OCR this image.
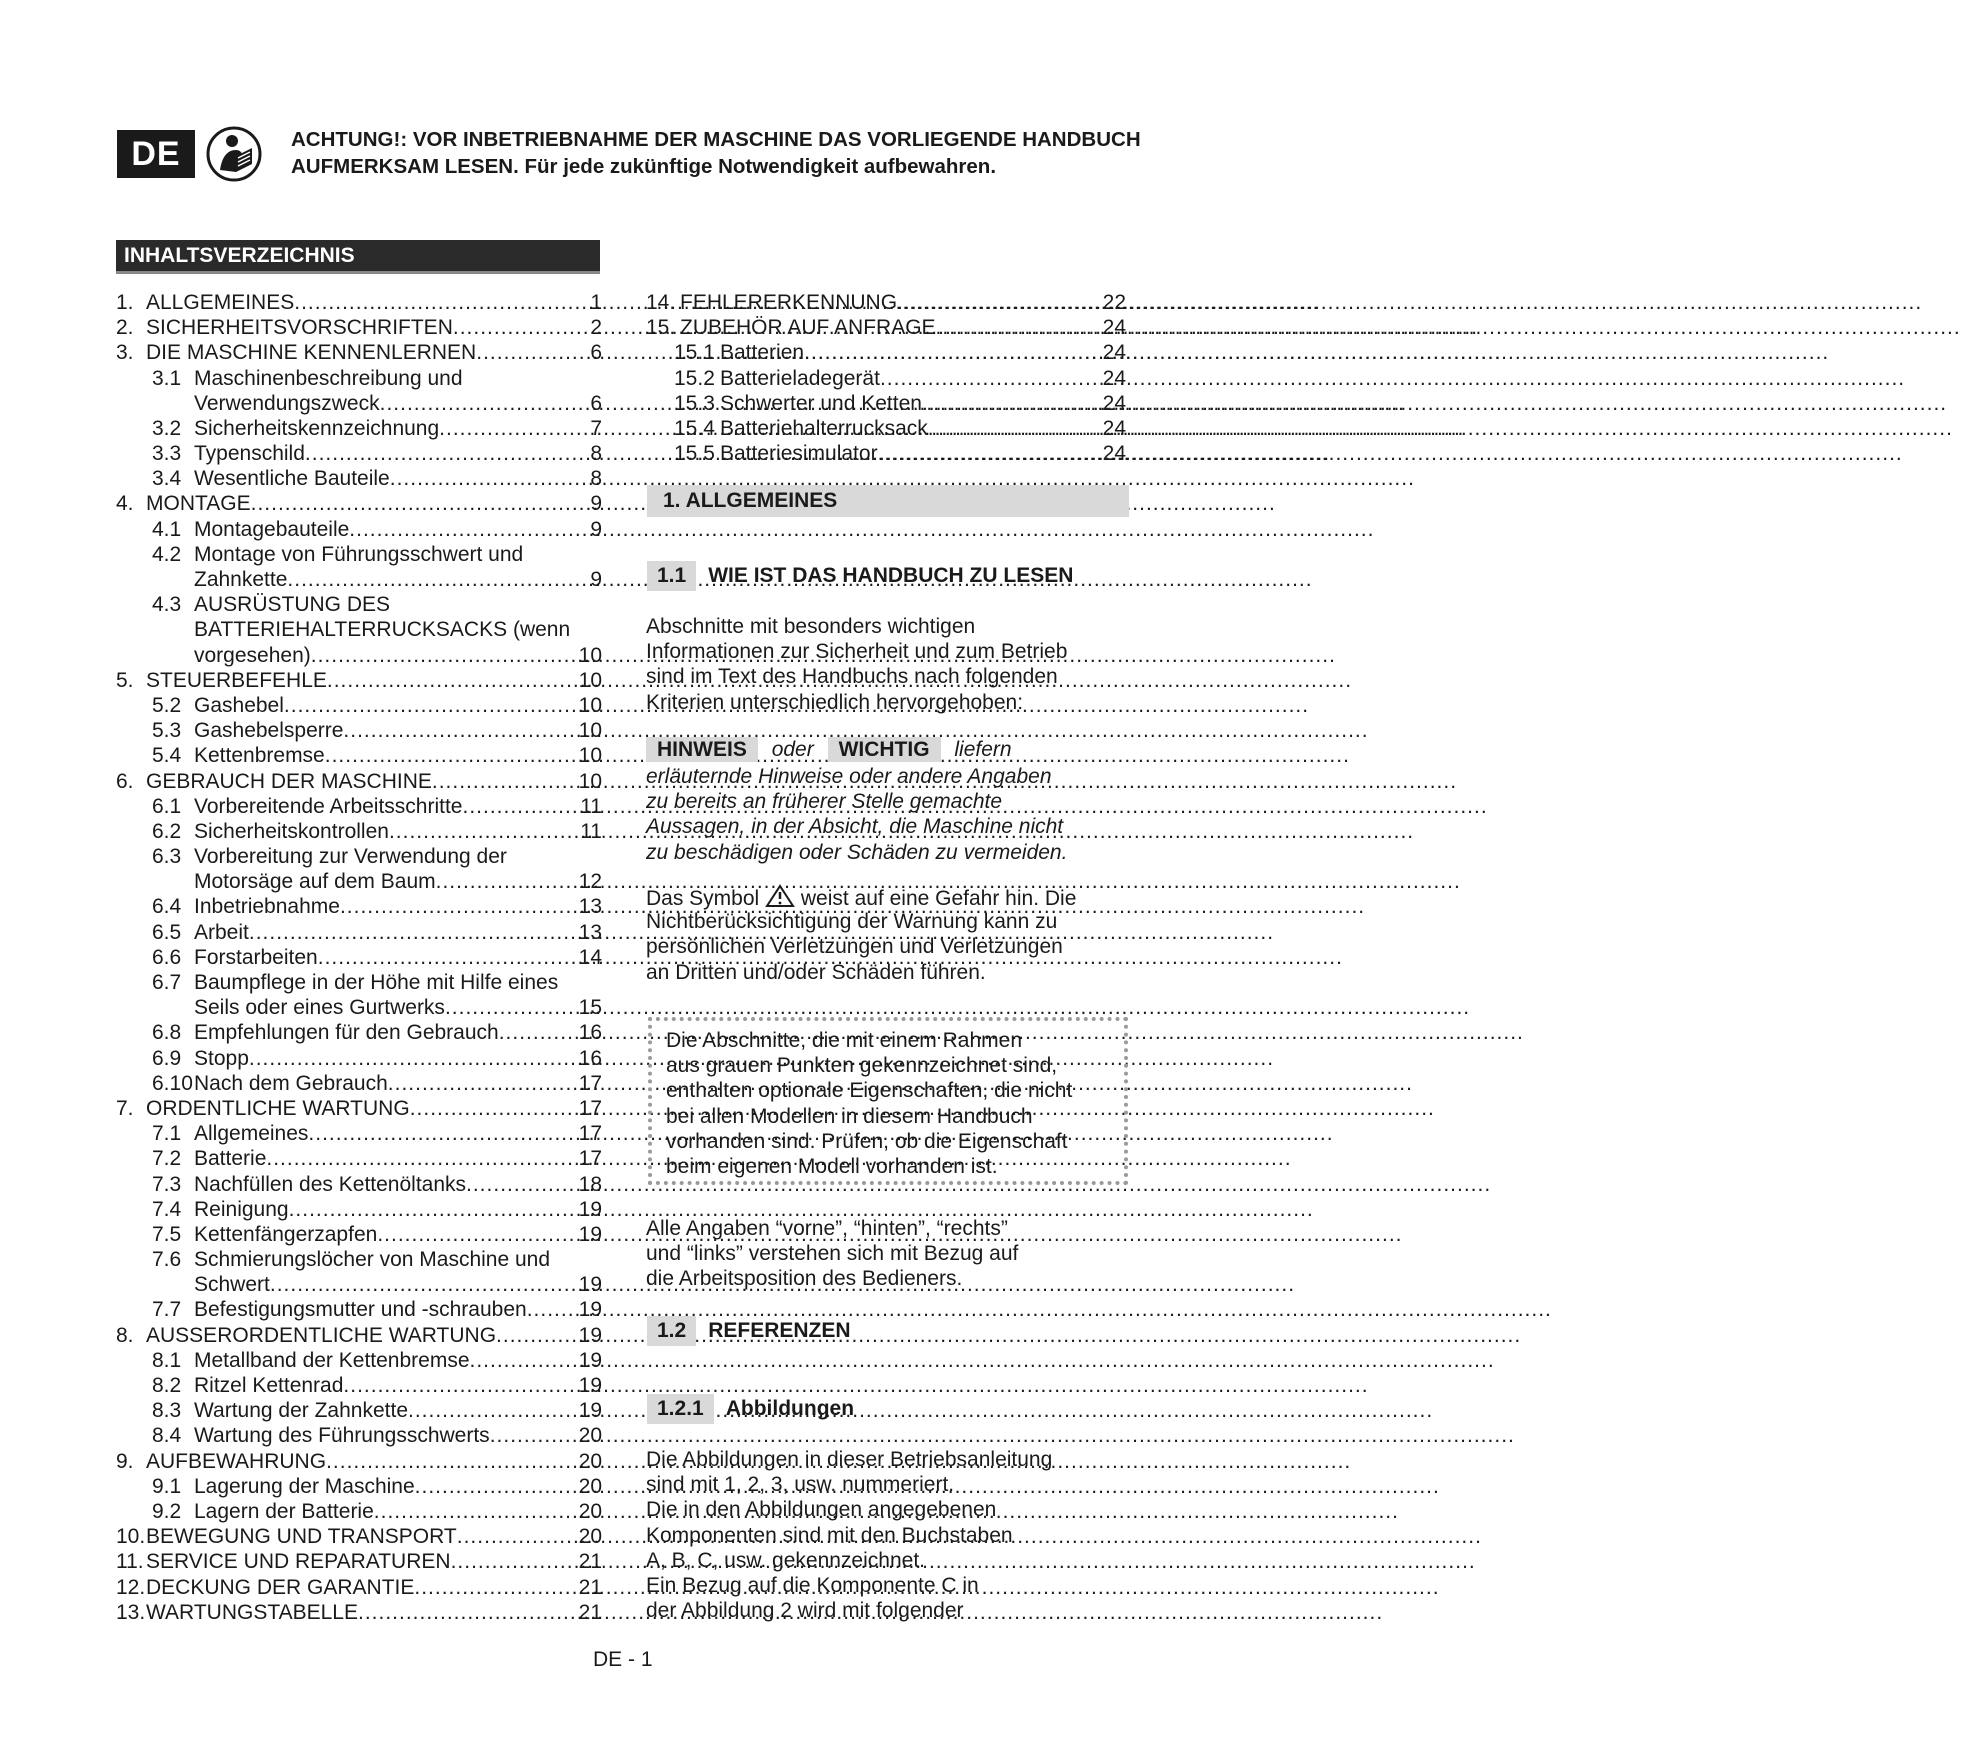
DE	ACHTUNG!: VOR INBETRIEBNAHME DER MASCHINE DAS VORLIEGENDE HANDBUCH
AUFMERKSAM LESEN. Für jede zukünftige Notwendigkeit aufbewahren.
INHALTSVERZEICHNIS
1. ALLGEMEINES .....	1
2. SICHERHEITSVORSCHRIFTEN .....	2
3. DIE MASCHINE KENNENLERNEN .....	6
3.1 Maschinenbeschreibung und
Verwendungszweck .....	6
3.2 Sicherheitskennzeichnung .....	7
3.3 Typenschild .....	8
3.4 Wesentliche Bauteile .....	8
4. MONTAGE .....	9
4.1 Montagebauteile .....	9
4.2 Montage von Führungsschwert und
Zahnkette .....	9
4.3 AUSRÜSTUNG DES
BATTERIEHALTERRUCKSACKS (wenn
vorgesehen) .....	10
5. STEUERBEFEHLE .....	10
5.2 Gashebel .....	10
5.3 Gashebelsperre .....	10
5.4 Kettenbremse .....	10
6. GEBRAUCH DER MASCHINE .....	10
6.1 Vorbereitende Arbeitsschritte .....	11
6.2 Sicherheitskontrollen .....	11
6.3 Vorbereitung zur Verwendung der
Motorsäge auf dem Baum .....	12
6.4 Inbetriebnahme .....	13
6.5 Arbeit .....	13
6.6 Forstarbeiten .....	14
6.7 Baumpflege in der Höhe mit Hilfe eines
Seils oder eines Gurtwerks .....	15
6.8 Empfehlungen für den Gebrauch .....	16
6.9 Stopp .....	16
6.10 Nach dem Gebrauch .....	17
7. ORDENTLICHE WARTUNG .....	17
7.1 Allgemeines .....	17
7.2 Batterie .....	17
7.3 Nachfüllen des Kettenöltanks .....	18
7.4 Reinigung .....	19
7.5 Kettenfängerzapfen .....	19
7.6 Schmierungslöcher von Maschine und
Schwert .....	19
7.7 Befestigungsmutter und -schrauben ..... 19
8. AUSSERORDENTLICHE WARTUNG .....	19
8.1 Metallband der Kettenbremse .....	19
8.2 Ritzel Kettenrad .....	19
8.3 Wartung der Zahnkette .....	19
8.4 Wartung des Führungsschwerts .....	20
9. AUFBEWAHRUNG .....	20
9.1 Lagerung der Maschine .....	20
9.2 Lagern der Batterie .....	20
10. BEWEGUNG UND TRANSPORT .....	20
11. SERVICE UND REPARATUREN .....	21
12. DECKUNG DER GARANTIE .....	21
13. WARTUNGSTABELLE .....	21
14. FEHLERERKENNUNG .....	22
15. ZUBEHÖR AUF ANFRAGE .....	24
15.1 Batterien .....	24
15.2 Batterieladegerät .....	24
15.3 Schwerter und Ketten .....	24
15.4 Batteriehalterrucksack .....	24
15.5 Batteriesimulator .....	24
1. ALLGEMEINES
1.1	WIE IST DAS HANDBUCH ZU LESEN
Abschnitte mit besonders wichtigen
Informationen zur Sicherheit und zum Betrieb
sind im Text des Handbuchs nach folgenden
Kriterien unterschiedlich hervorgehoben:
HINWEIS oder WICHTIG liefern
erläuternde Hinweise oder andere Angaben
zu bereits an früherer Stelle gemachte
Aussagen, in der Absicht, die Maschine nicht
zu beschädigen oder Schäden zu vermeiden.
Das Symbol weist auf eine Gefahr hin. Die
Nichtberücksichtigung der Warnung kann zu
persönlichen Verletzungen und Verletzungen
an Dritten und/oder Schäden führen.
Die Abschnitte, die mit einem Rahmen
aus grauen Punkten gekennzeichnet sind,
enthalten optionale Eigenschaften, die nicht
bei allen Modellen in diesem Handbuch
vorhanden sind. Prüfen, ob die Eigenschaft
beim eigenen Modell vorhanden ist.
Alle Angaben “vorne”, “hinten”, “rechts”
und “links” verstehen sich mit Bezug auf
die Arbeitsposition des Bedieners.
1.2	REFERENZEN
1.2.1	Abbildungen
Die Abbildungen in dieser Betriebsanleitung
sind mit 1, 2, 3, usw. nummeriert.
Die in den Abbildungen angegebenen
Komponenten sind mit den Buchstaben
A, B, C, usw. gekennzeichnet.
Ein Bezug auf die Komponente C in
der Abbildung 2 wird mit folgender
DE - 1
